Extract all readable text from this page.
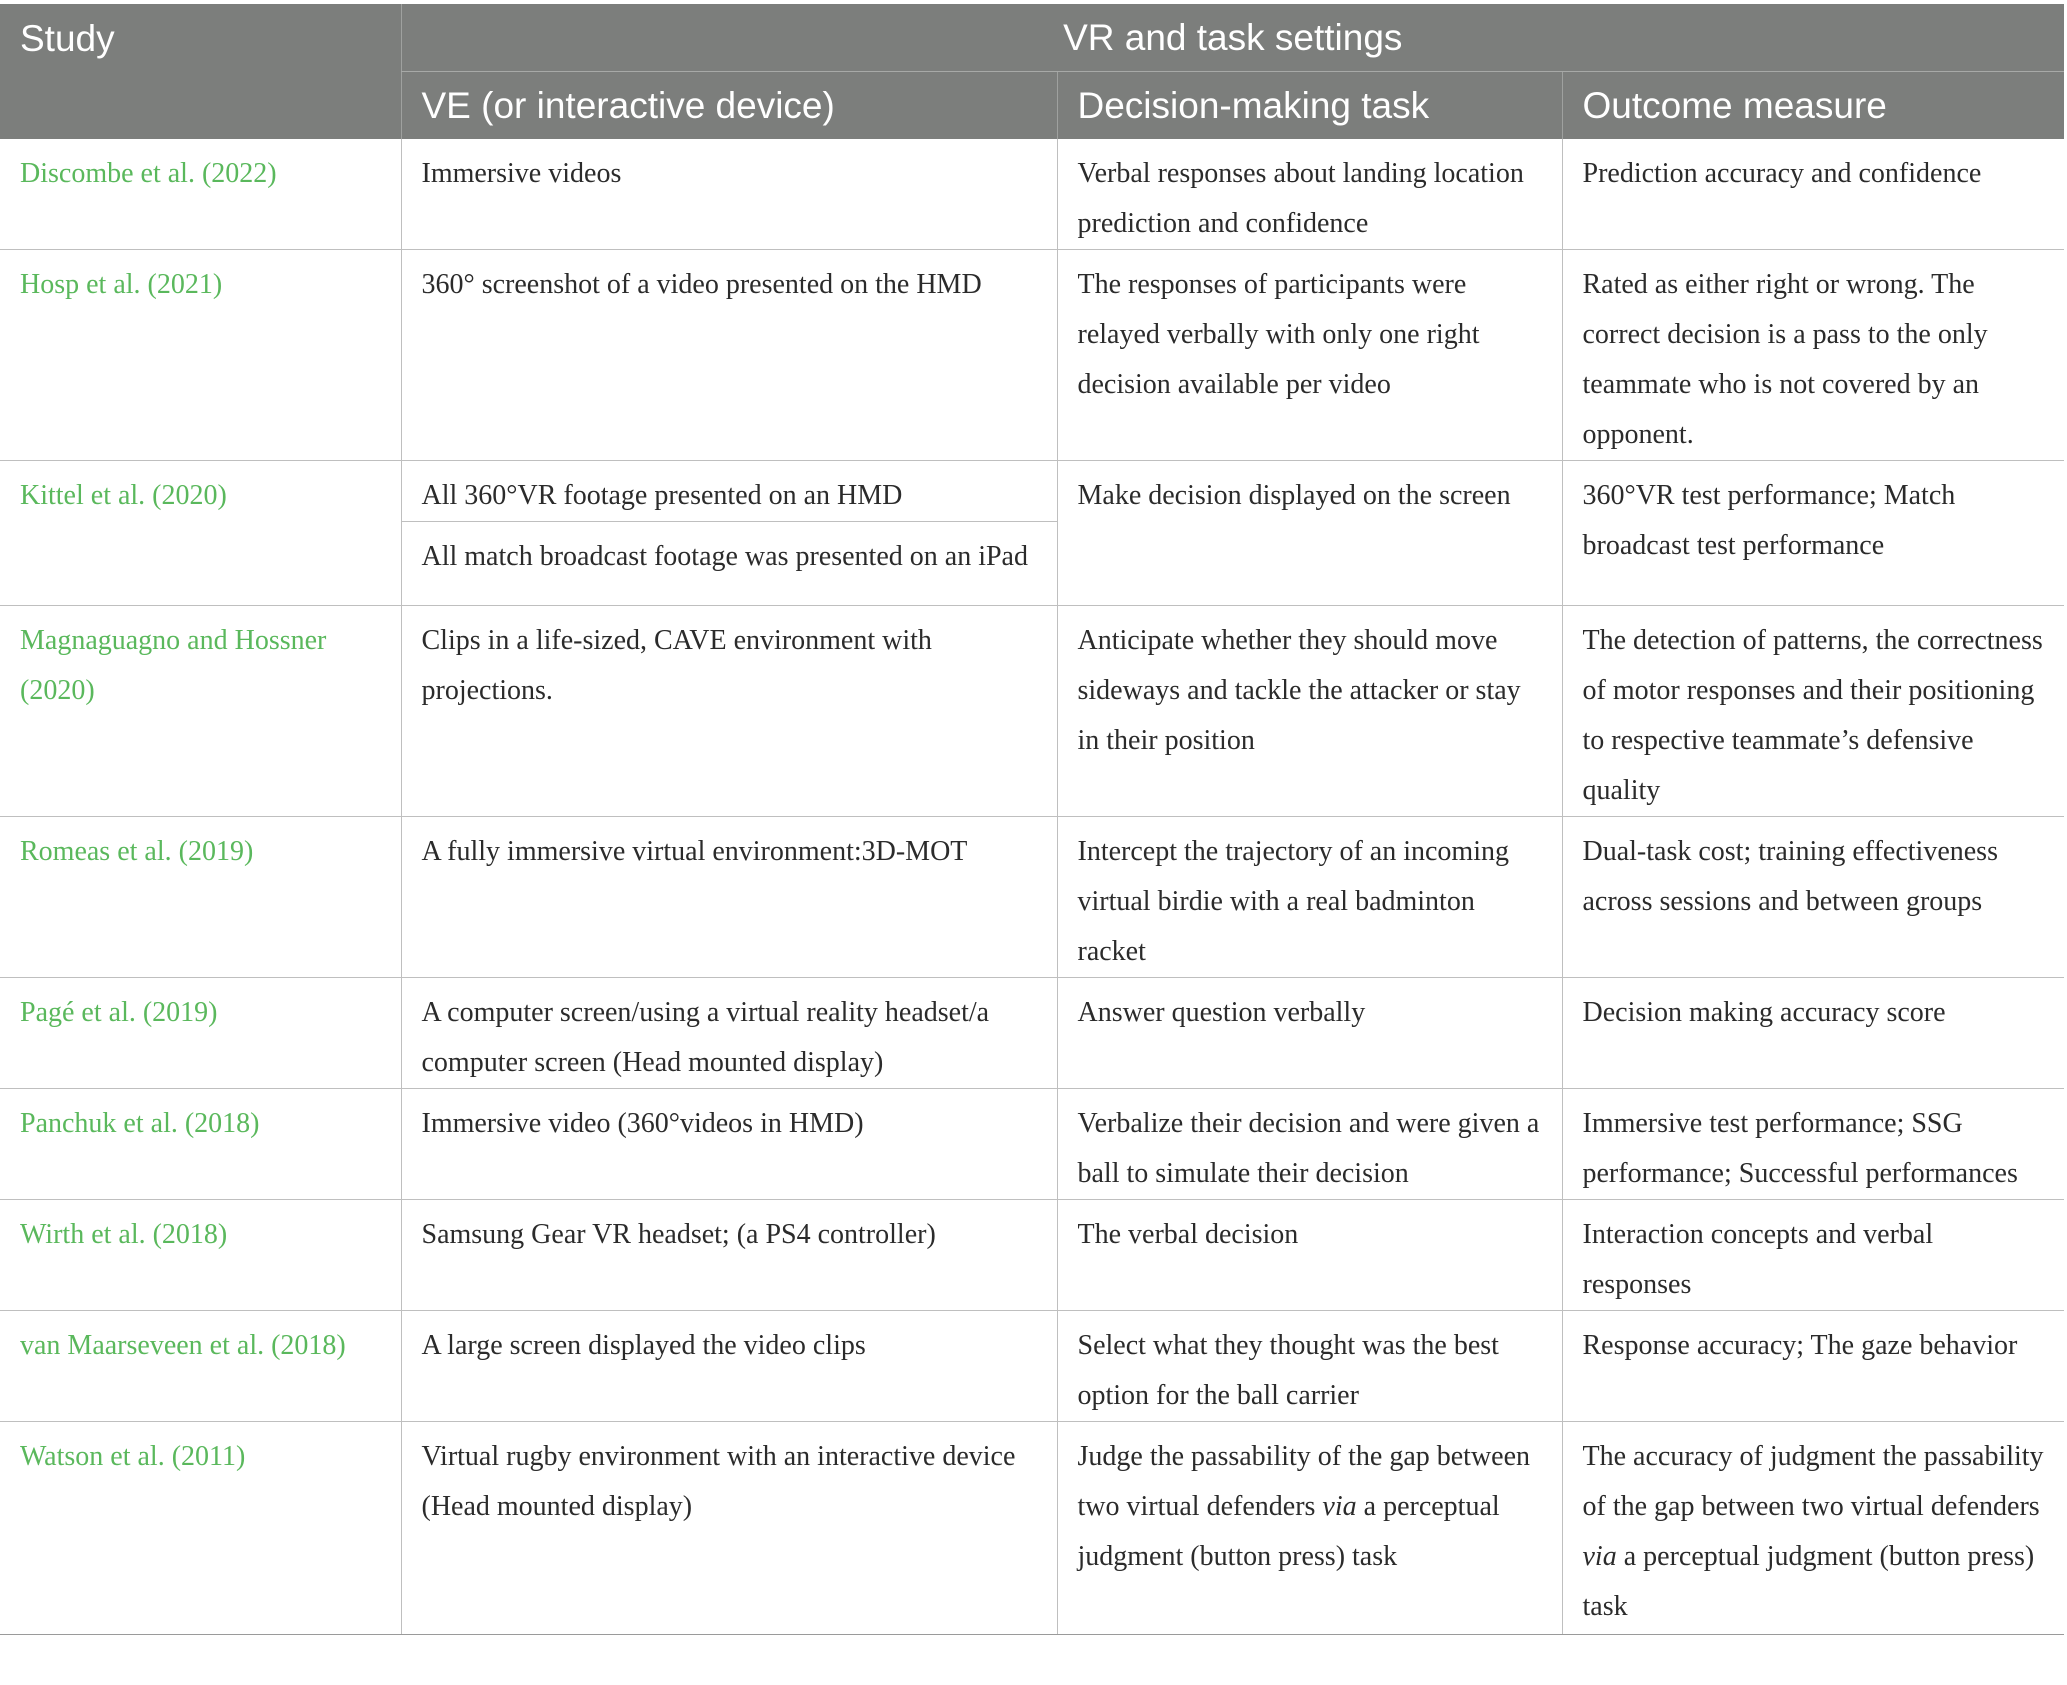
Study	VR and task settings		
	VE (or interactive device)	Decision-making task	Outcome measure
Discombe et al. (2022)	Immersive videos	Verbal responses about landing location prediction and confidence	Prediction accuracy and confidence
Hosp et al. (2021)	360° screenshot of a video presented on the HMD	The responses of participants were relayed verbally with only one right decision available per video	Rated as either right or wrong. The correct decision is a pass to the only teammate who is not covered by an opponent.
Kittel et al. (2020)	All 360°VR footage presented on an HMD	Make decision displayed on the screen	360°VR test performance; Match broadcast test performance
	All match broadcast footage was presented on an iPad		
Magnaguagno and Hossner (2020)	Clips in a life-sized, CAVE environment with projections.	Anticipate whether they should move sideways and tackle the attacker or stay in their position	The detection of patterns, the correctness of motor responses and their positioning to respective teammate’s defensive quality
Romeas et al. (2019)	A fully immersive virtual environment:3D-MOT	Intercept the trajectory of an incoming virtual birdie with a real badminton racket	Dual-task cost; training effectiveness across sessions and between groups
Pagé et al. (2019)	A computer screen/using a virtual reality headset/a computer screen (Head mounted display)	Answer question verbally	Decision making accuracy score
Panchuk et al. (2018)	Immersive video (360°videos in HMD)	Verbalize their decision and were given a ball to simulate their decision	Immersive test performance; SSG performance; Successful performances
Wirth et al. (2018)	Samsung Gear VR headset; (a PS4 controller)	The verbal decision	Interaction concepts and verbal responses
van Maarseveen et al. (2018)	A large screen displayed the video clips	Select what they thought was the best option for the ball carrier	Response accuracy; The gaze behavior
Watson et al. (2011)	Virtual rugby environment with an interactive device (Head mounted display)	Judge the passability of the gap between two virtual defenders via a perceptual judgment (button press) task	The accuracy of judgment the passability of the gap between two virtual defenders via a perceptual judgment (button press) task
